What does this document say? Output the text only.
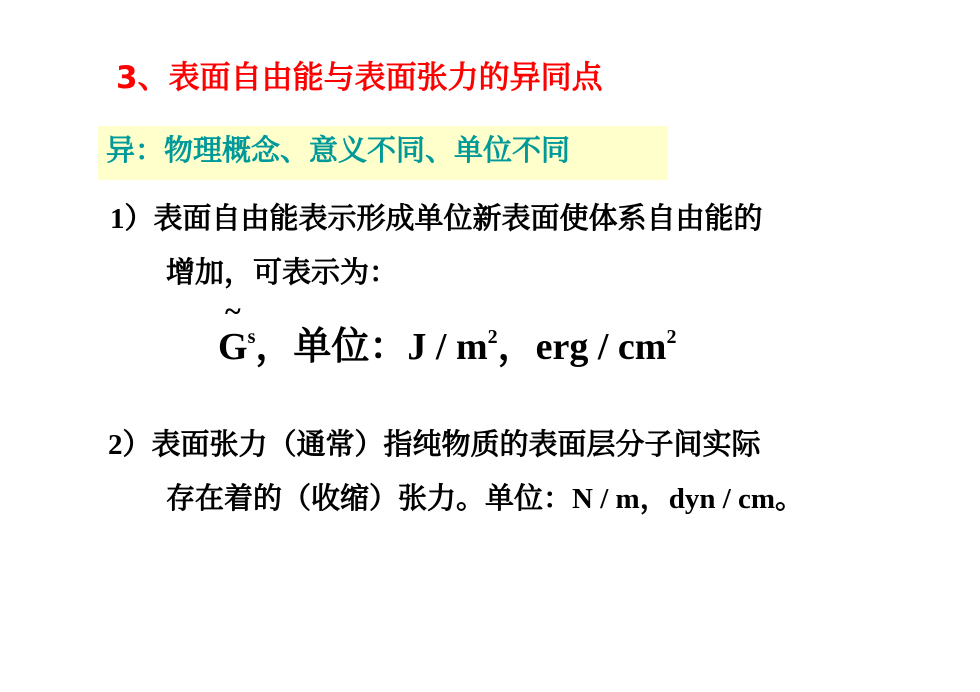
3、表面自由能与表面张力的异同点
异：物理概念、意义不同、单位不同
1）表面自由能表示形成单位新表面使体系自由能的
增加，可表示为：
~
$G^s$，单位：J / $m^2$，erg / $cm^2$
2）表面张力（通常）指纯物质的表面层分子间实际
存在着的（收缩）张力。单位：N / m，dyn / cm。
